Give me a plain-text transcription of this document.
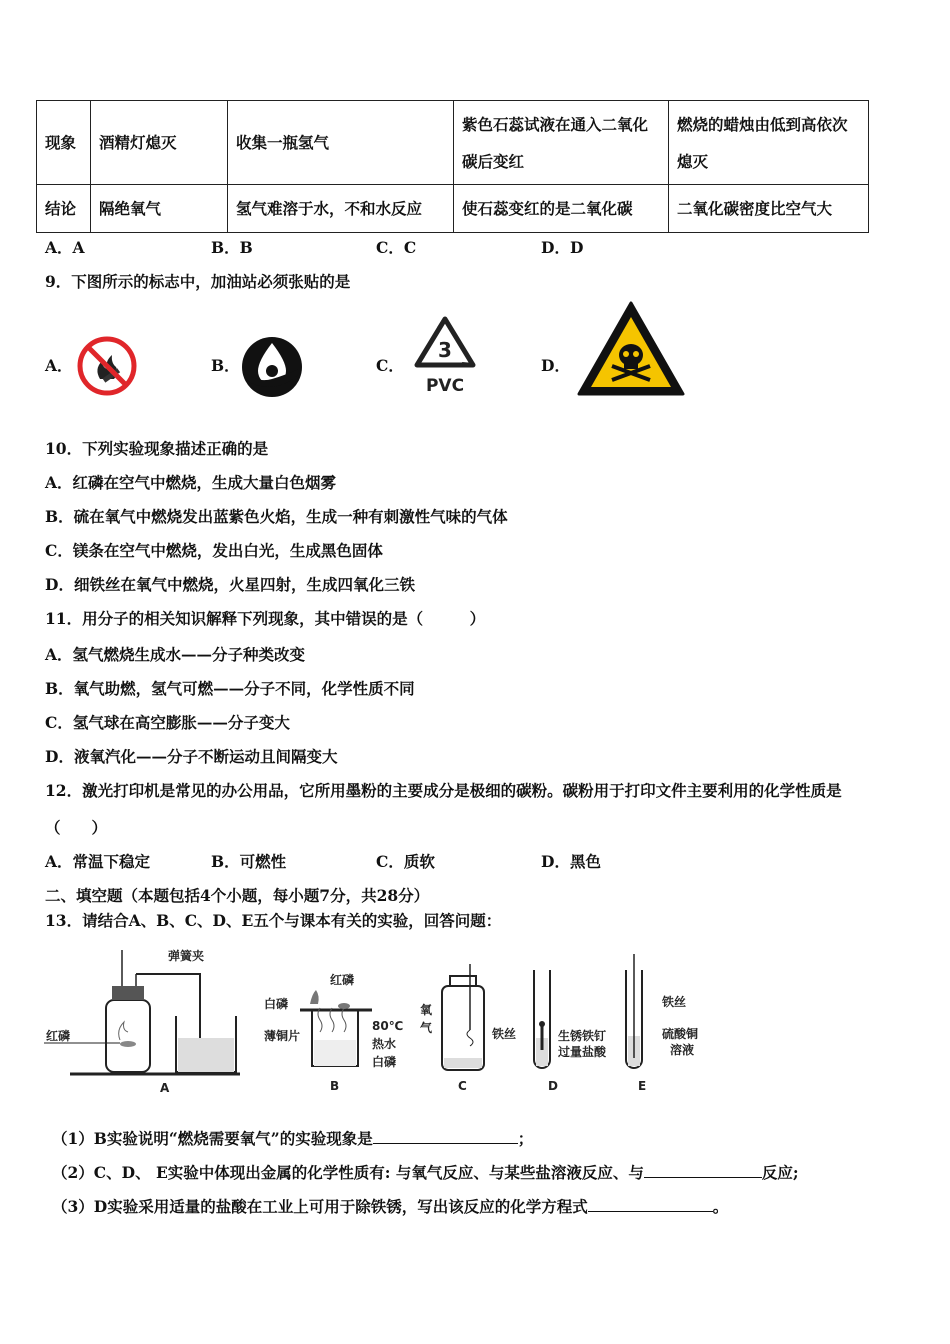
现象	酒精灯熄灭	收集一瓶氢气	紫色石蕊试液在通入二氧化碳后变红	燃烧的蜡烛由低到高依次熄灭
结论	隔绝氧气	氢气难溶于水，不和水反应	使石蕊变红的是二氧化碳	二氧化碳密度比空气大
A．A	B．B	C．C	D．D
9．下图所示的标志中，加油站必须张贴的是
A．	B．	C．
3
PVC
D．
10．下列实验现象描述正确的是
A．红磷在空气中燃烧，生成大量白色烟雾
B．硫在氧气中燃烧发出蓝紫色火焰，生成一种有刺激性气味的气体
C．镁条在空气中燃烧，发出白光，生成黑色固体
D．细铁丝在氧气中燃烧，火星四射，生成四氧化三铁
11．用分子的相关知识解释下列现象，其中错误的是（　　　）
A．氢气燃烧生成水——分子种类改变
B．氧气助燃，氢气可燃——分子不同，化学性质不同
C．氢气球在高空膨胀——分子变大
D．液氧汽化——分子不断运动且间隔变大
12．激光打印机是常见的办公用品，它所用墨粉的主要成分是极细的碳粉。碳粉用于打印文件主要利用的化学性质是
（　　）
A．常温下稳定	B．可燃性	C．质软	D．黑色
二、填空题（本题包括4个小题，每小题7分，共28分）
13．请结合A、B、C、D、E五个与课本有关的实验，回答问题：
红磷
弹簧夹
A
白磷
红磷
薄铜片
80℃
热水
白磷
B
氧
气	铁丝
C
生锈铁钉
过量盐酸
D
铁丝
硫酸铜
溶液
E
（1）B实验说明“燃烧需要氧气”的实验现象是	；
（2）C、D、 E实验中体现出金属的化学性质有: 与氧气反应、与某些盐溶液反应、与	反应;
（3）D实验采用适量的盐酸在工业上可用于除铁锈，写出该反应的化学方程式	。
